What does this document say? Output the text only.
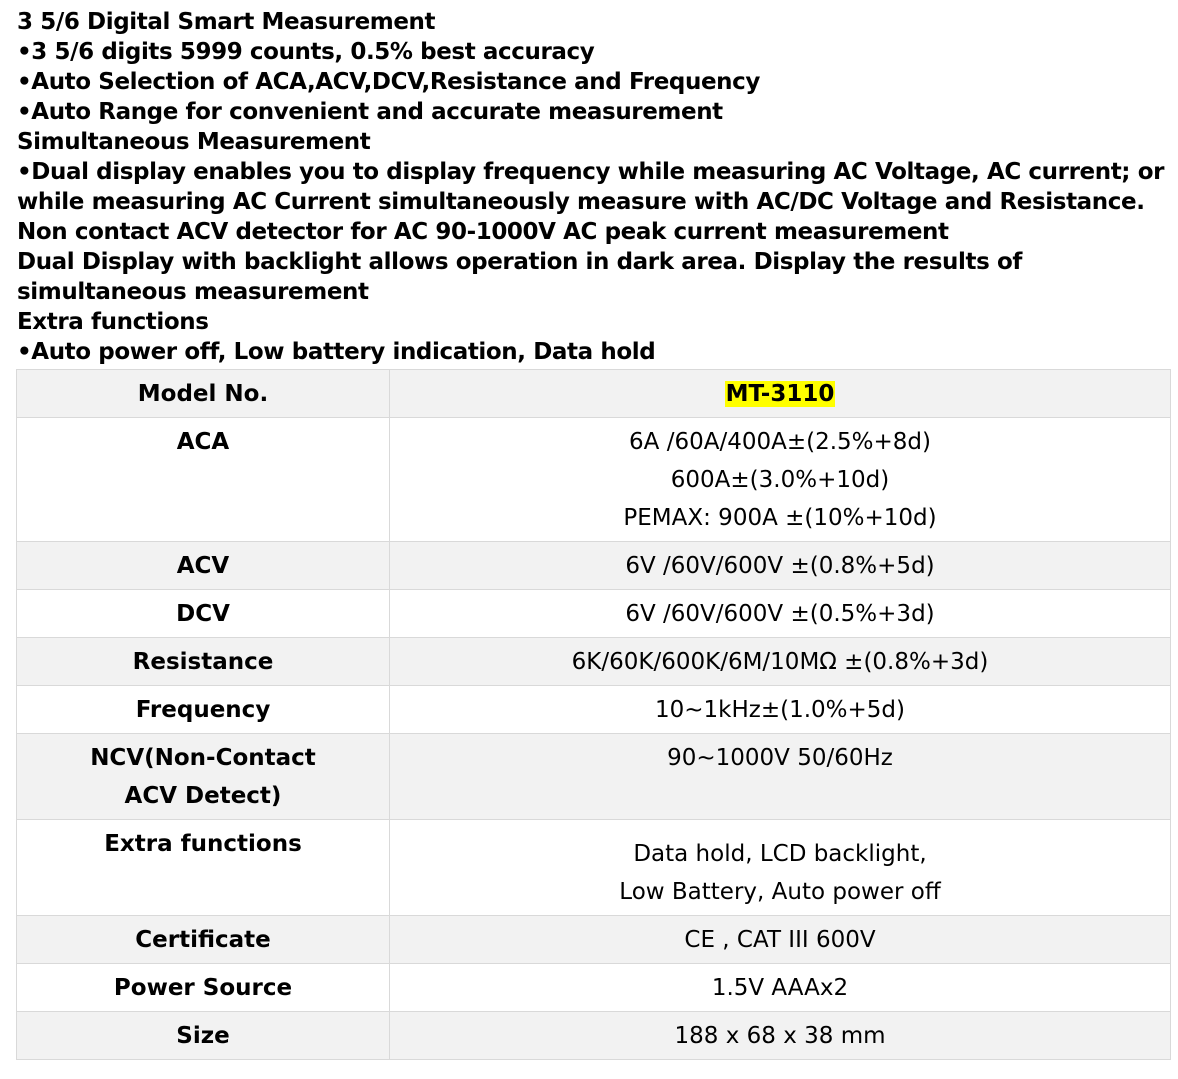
3 5/6 Digital Smart Measurement

•3 5/6 digits 5999 counts, 0.5% best accuracy

•Auto Selection of ACA,ACV,DCV,Resistance and Frequency

•Auto Range for convenient and accurate measurement

Simultaneous Measurement

•Dual display enables you to display frequency while measuring AC Voltage, AC current; or while measuring AC Current simultaneously measure with AC/DC Voltage and Resistance.

Non contact ACV detector for AC 90-1000V AC peak current measurement

Dual Display with backlight allows operation in dark area. Display the results of simultaneous measurement

Extra functions

•Auto power off, Low battery indication, Data hold

Model No.	MT-3110

ACA	6A /60A/400A±(2.5%+8d)
600A±(3.0%+10d)
PEMAX: 900A ±(10%+10d)

ACV	6V /60V/600V ±(0.8%+5d)

DCV	6V /60V/600V ±(0.5%+3d)

Resistance	6K/60K/600K/6M/10MΩ ±(0.8%+3d)

Frequency	10~1kHz±(1.0%+5d)

NCV(Non-Contact
ACV Detect)	90~1000V 50/60Hz

Extra functions	Data hold, LCD backlight,
Low Battery, Auto power off

Certificate	CE , CAT III 600V

Power Source	1.5V AAAx2

Size	188 x 68 x 38 mm
